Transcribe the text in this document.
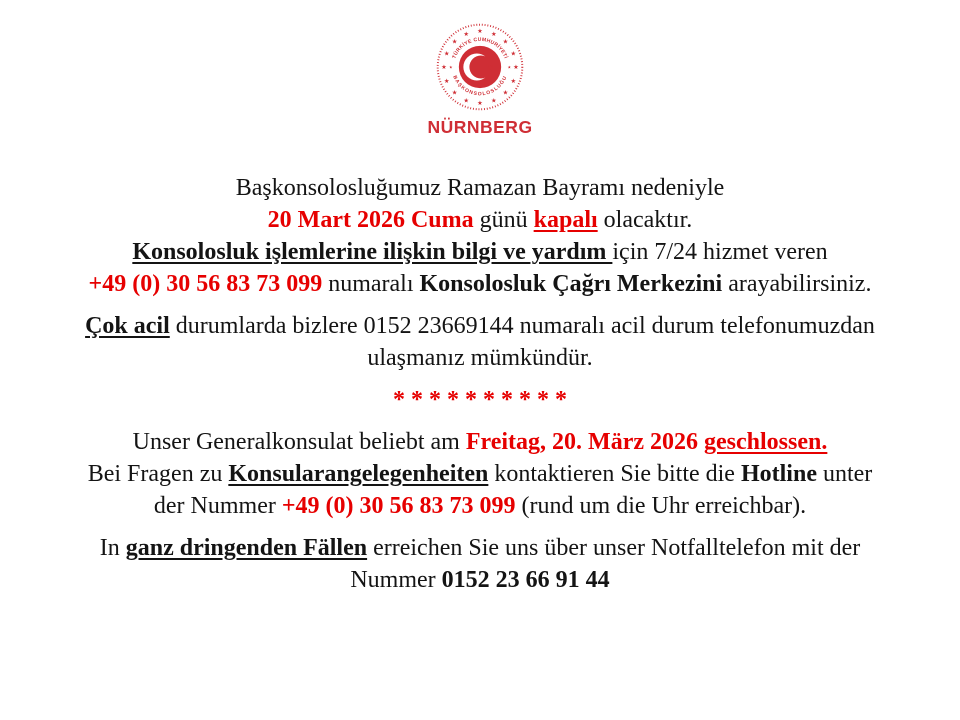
★ ★
★
★
★
★
★
★
★
★
★
★
★
★
★
★
★	★
TÜRKİYE CUMHURİYETİ
BAŞKONSOLOSLUĞU
★
NÜRNBERG
Başkonsolosluğumuz Ramazan Bayramı nedeniyle
20 Mart 2026 Cuma günü kapalı olacaktır.
Konsolosluk işlemlerine ilişkin bilgi ve yardım için 7/24 hizmet veren
+49 (0) 30 56 83 73 099 numaralı Konsolosluk Çağrı Merkezini arayabilirsiniz.
Çok acil durumlarda bizlere 0152 23669144 numaralı acil durum telefonumuzdan
ulaşmanız mümkündür.
* * * * * * * * * *
Unser Generalkonsulat beliebt am Freitag, 20. März 2026 geschlossen.
Bei Fragen zu Konsularangelegenheiten kontaktieren Sie bitte die Hotline unter
der Nummer +49 (0) 30 56 83 73 099 (rund um die Uhr erreichbar).
In ganz dringenden Fällen erreichen Sie uns über unser Notfalltelefon mit der
Nummer 0152 23 66 91 44
